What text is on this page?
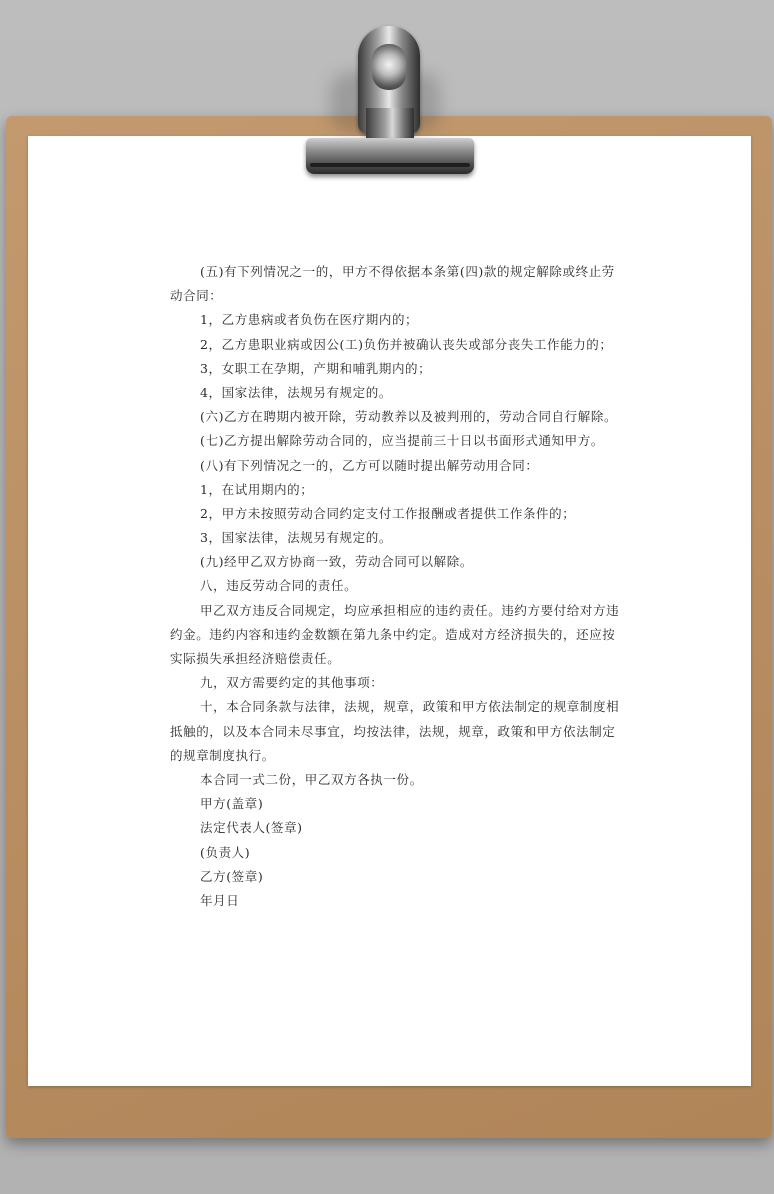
(五)有下列情况之一的，甲方不得依据本条第(四)款的规定解除或终止劳
动合同：
1，乙方患病或者负伤在医疗期内的；
2，乙方患职业病或因公(工)负伤并被确认丧失或部分丧失工作能力的；
3，女职工在孕期，产期和哺乳期内的；
4，国家法律，法规另有规定的。
(六)乙方在聘期内被开除，劳动教养以及被判刑的，劳动合同自行解除。
(七)乙方提出解除劳动合同的，应当提前三十日以书面形式通知甲方。
(八)有下列情况之一的，乙方可以随时提出解劳动用合同：
1，在试用期内的；
2，甲方未按照劳动合同约定支付工作报酬或者提供工作条件的；
3，国家法律，法规另有规定的。
(九)经甲乙双方协商一致，劳动合同可以解除。
八，违反劳动合同的责任。
甲乙双方违反合同规定，均应承担相应的违约责任。违约方要付给对方违
约金。违约内容和违约金数额在第九条中约定。造成对方经济损失的，还应按
实际损失承担经济赔偿责任。
九，双方需要约定的其他事项：
十，本合同条款与法律，法规，规章，政策和甲方依法制定的规章制度相
抵触的，以及本合同未尽事宜，均按法律，法规，规章，政策和甲方依法制定
的规章制度执行。
本合同一式二份，甲乙双方各执一份。
甲方(盖章)
法定代表人(签章)
(负责人)
乙方(签章)
年月日
